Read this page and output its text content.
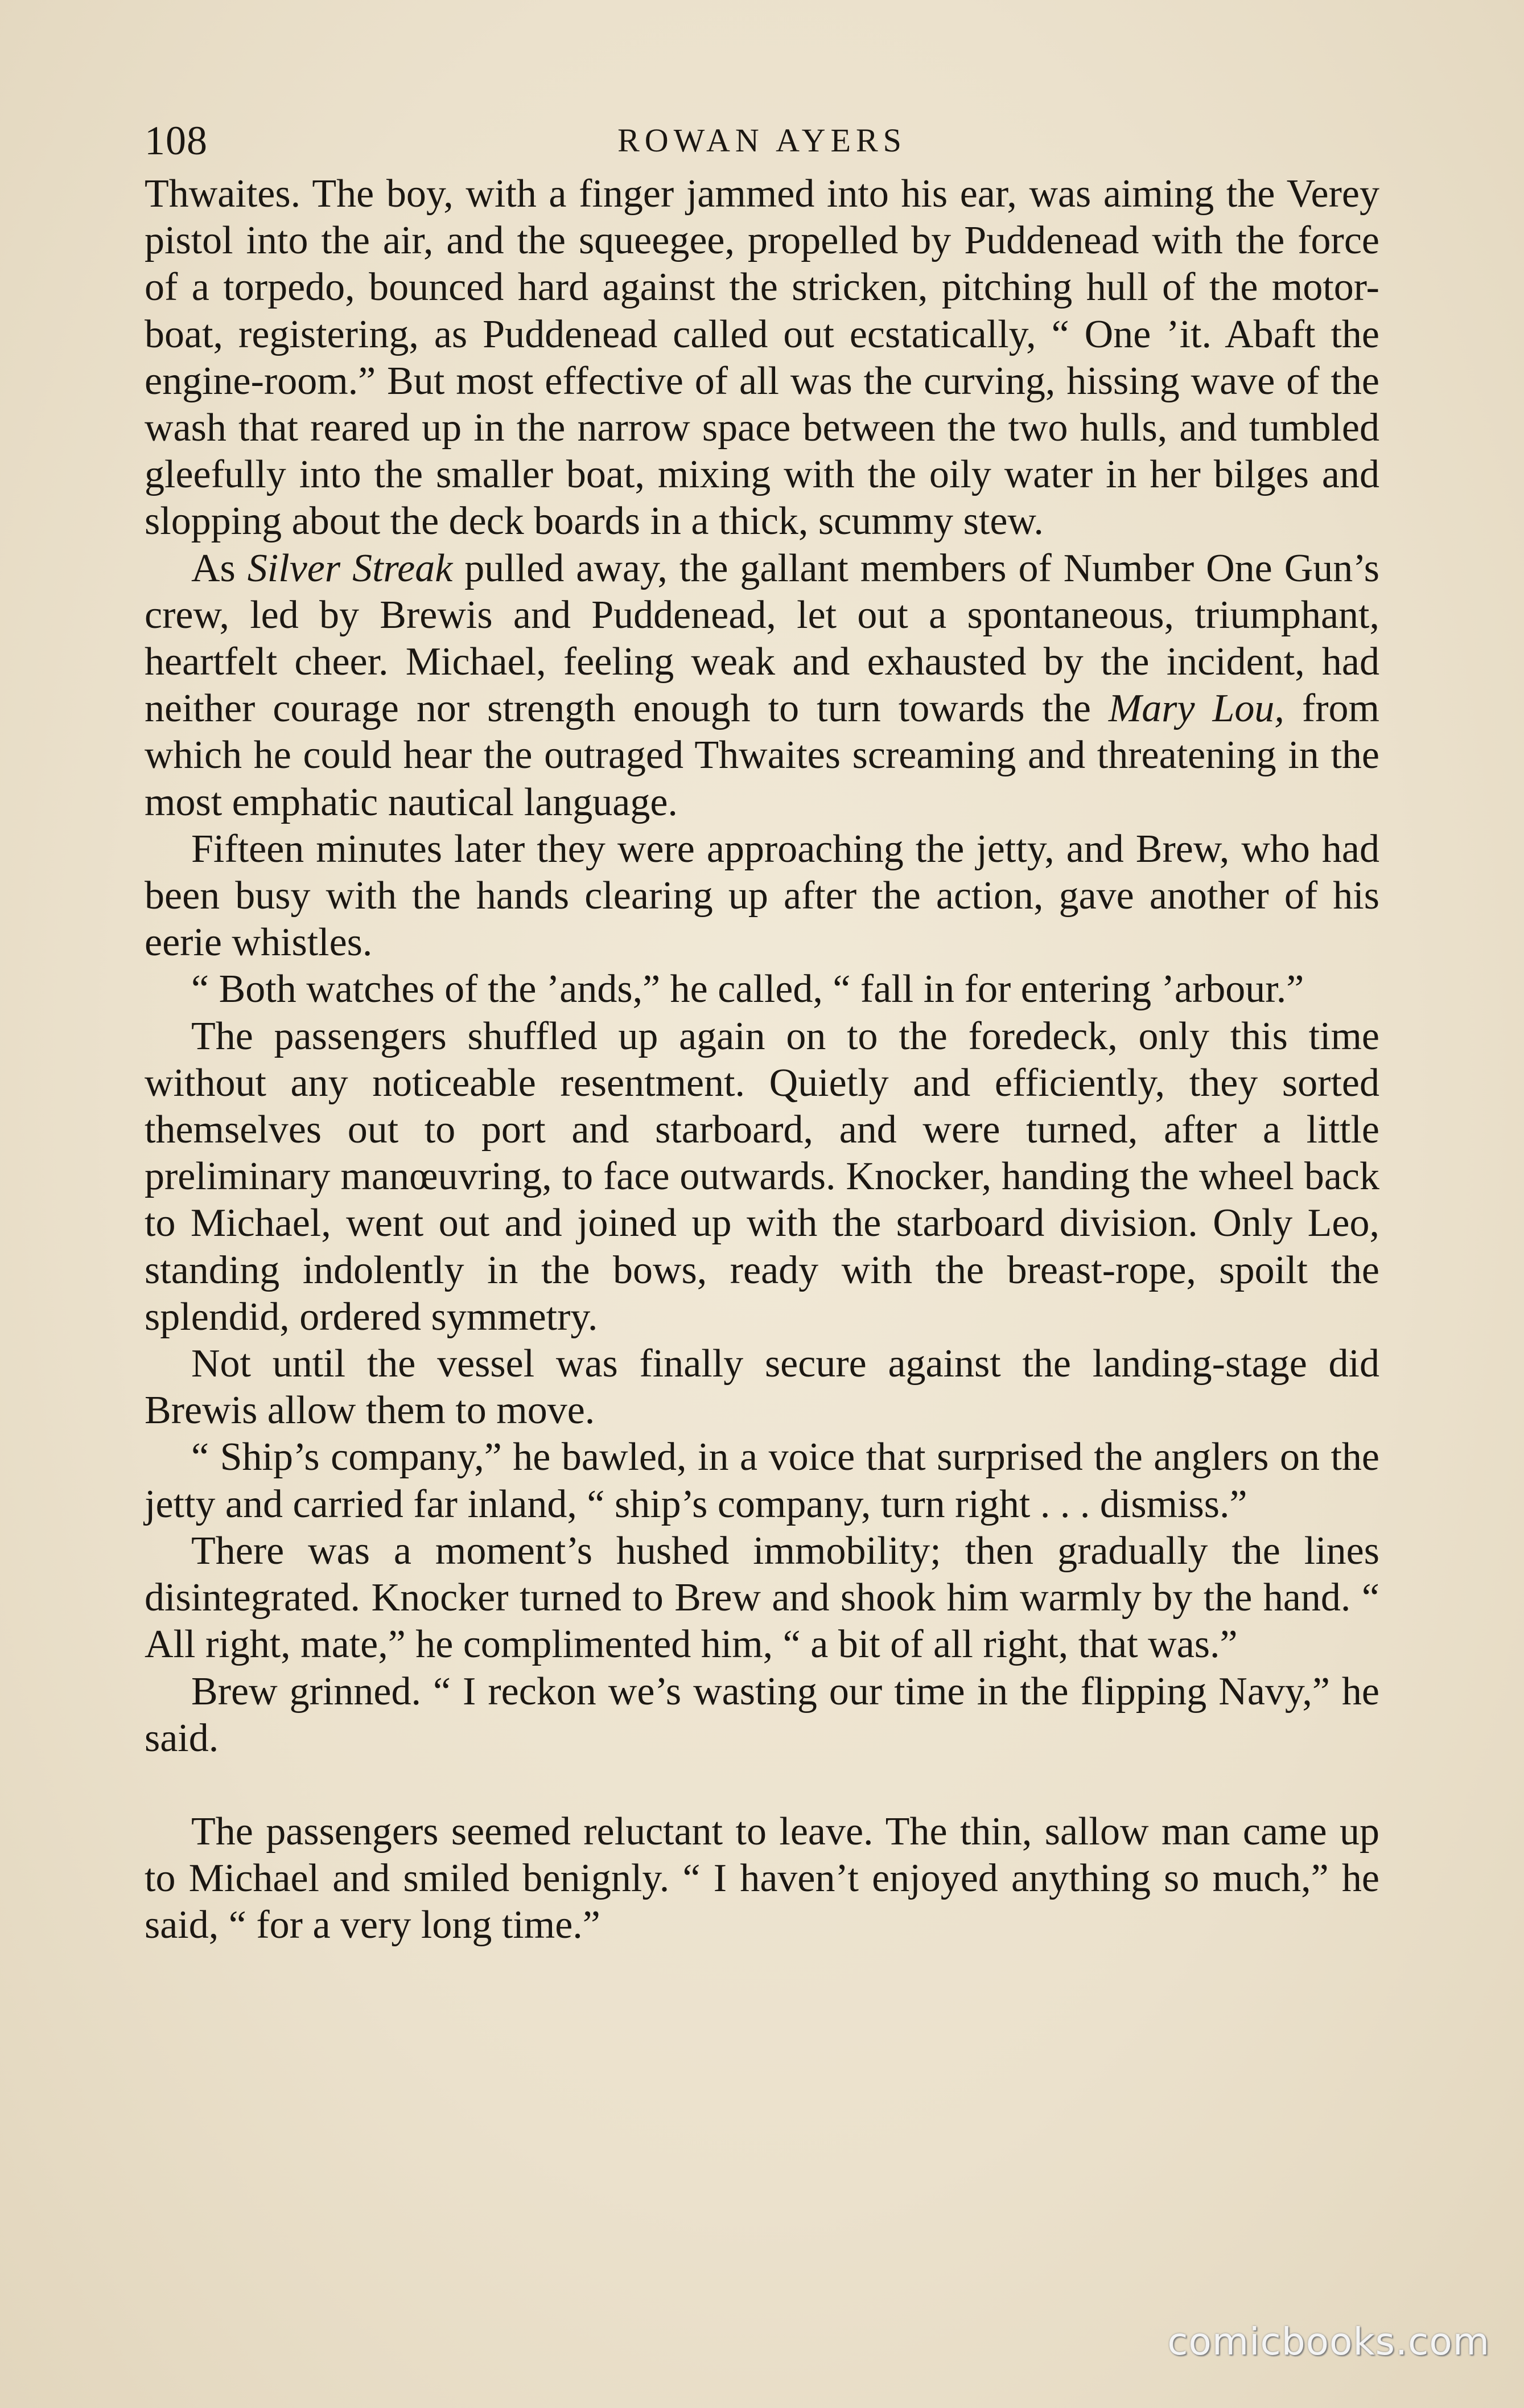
108	ROWAN AYERS

Thwaites. The boy, with a finger jammed into his ear, was aiming the Verey pistol into the air, and the squeegee, propelled by Puddenead with the force of a torpedo, bounced hard against the stricken, pitching hull of the motor-boat, registering, as Puddenead called out ecstatically, “ One ’it. Abaft the engine-room.” But most effective of all was the curving, hissing wave of the wash that reared up in the narrow space between the two hulls, and tumbled gleefully into the smaller boat, mixing with the oily water in her bilges and slopping about the deck boards in a thick, scummy stew.

As Silver Streak pulled away, the gallant members of Number One Gun’s crew, led by Brewis and Puddenead, let out a spontaneous, triumphant, heartfelt cheer. Michael, feeling weak and exhausted by the incident, had neither courage nor strength enough to turn towards the Mary Lou, from which he could hear the outraged Thwaites screaming and threatening in the most emphatic nautical language.

Fifteen minutes later they were approaching the jetty, and Brew, who had been busy with the hands clearing up after the action, gave another of his eerie whistles.

“ Both watches of the ’ands,” he called, “ fall in for entering ’arbour.”

The passengers shuffled up again on to the foredeck, only this time without any noticeable resentment. Quietly and efficiently, they sorted themselves out to port and starboard, and were turned, after a little preliminary manœuvring, to face outwards. Knocker, handing the wheel back to Michael, went out and joined up with the starboard division. Only Leo, standing indolently in the bows, ready with the breast-rope, spoilt the splendid, ordered symmetry.

Not until the vessel was finally secure against the landing-stage did Brewis allow them to move.

“ Ship’s company,” he bawled, in a voice that surprised the anglers on the jetty and carried far inland, “ ship’s company, turn right . . . dismiss.”

There was a moment’s hushed immobility; then gradually the lines disintegrated. Knocker turned to Brew and shook him warmly by the hand. “ All right, mate,” he complimented him, “ a bit of all right, that was.”

Brew grinned. “ I reckon we’s wasting our time in the flipping Navy,” he said.

The passengers seemed reluctant to leave. The thin, sallow man came up to Michael and smiled benignly. “ I haven’t enjoyed anything so much,” he said, “ for a very long time.”

comicbooks.com
